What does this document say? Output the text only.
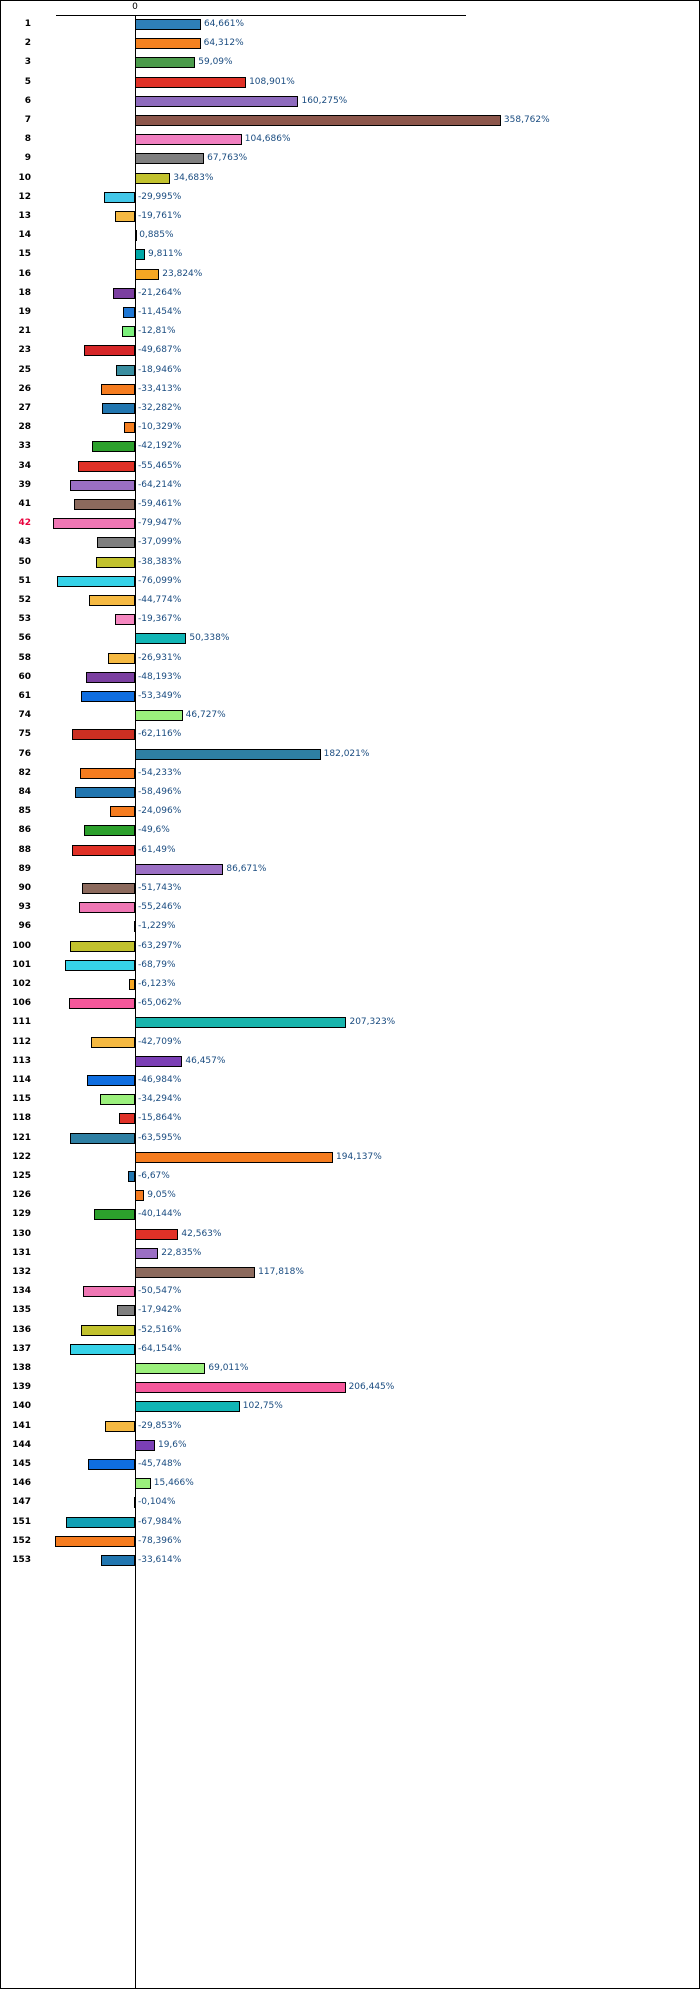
0
1	64,661%
2	64,312%
3	59,09%
5	108,901%
6	160,275%
7	358,762%
8	104,686%
9	67,763%
10	34,683%
12	-29,995%
13	-19,761%
14	0,885%
15	9,811%
16	23,824%
18	-21,264%
19	-11,454%
21	-12,81%
23	-49,687%
25	-18,946%
26	-33,413%
27	-32,282%
28	-10,329%
33	-42,192%
34	-55,465%
39	-64,214%
41	-59,461%
42	-79,947%
43	-37,099%
50	-38,383%
51	-76,099%
52	-44,774%
53	-19,367%
56	50,338%
58	-26,931%
60	-48,193%
61	-53,349%
74	46,727%
75	-62,116%
76	182,021%
82	-54,233%
84	-58,496%
85	-24,096%
86	-49,6%
88	-61,49%
89	86,671%
90	-51,743%
93	-55,246%
96	-1,229%
100	-63,297%
101	-68,79%
102	-6,123%
106	-65,062%
111	207,323%
112	-42,709%
113	46,457%
114	-46,984%
115	-34,294%
118	-15,864%
121	-63,595%
122	194,137%
125	-6,67%
126	9,05%
129	-40,144%
130	42,563%
131	22,835%
132	117,818%
134	-50,547%
135	-17,942%
136	-52,516%
137	-64,154%
138	69,011%
139	206,445%
140	102,75%
141	-29,853%
144	19,6%
145	-45,748%
146	15,466%
147	-0,104%
151	-67,984%
152	-78,396%
153	-33,614%
